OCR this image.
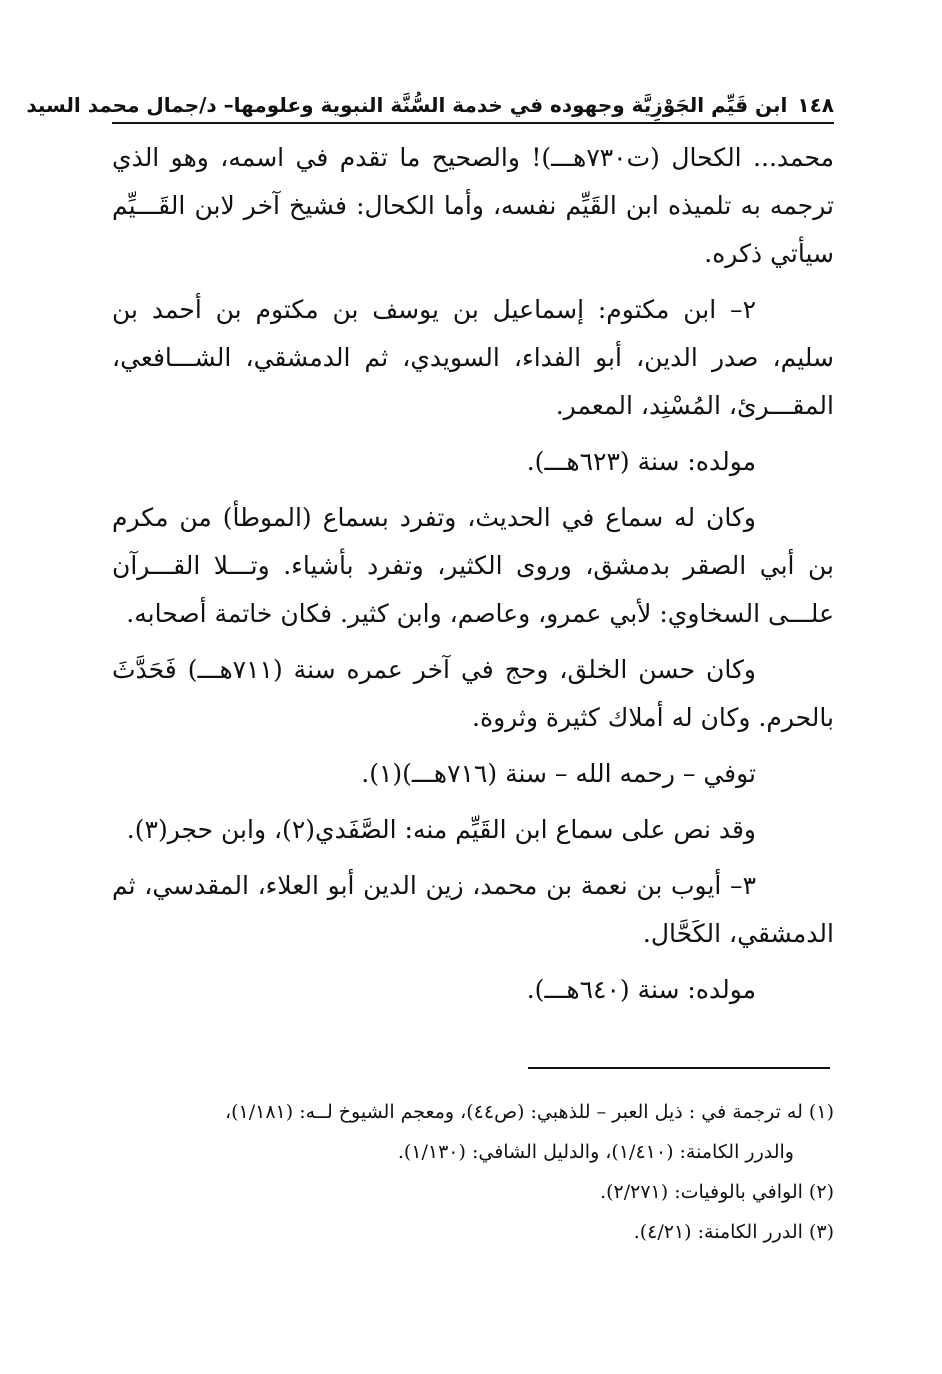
١٤٨
ابن قَيِّم الجَوْزِيَّة وجهوده في خدمة السُّنَّة النبوية وعلومها– د/جمال محمد السيد

محمد... الكحال (ت٧٣٠هـــ)! والصحيح ما تقدم في اسمه، وهو الذي ترجمه به تلميذه ابن القَيِّم نفسه، وأما الكحال: فشيخ آخر لابن القَـــيِّم سيأتي ذكره.

٢– ابن مكتوم: إسماعيل بن يوسف بن مكتوم بن أحمد بن سليم، صدر الدين، أبو الفداء، السويدي، ثم الدمشقي، الشـــافعي، المقـــرئ، المُسْنِد، المعمر.

مولده: سنة (٦٢٣هـــ).

وكان له سماع في الحديث، وتفرد بسماع (الموطأ) من مكرم بن أبي الصقر بدمشق، وروى الكثير، وتفرد بأشياء. وتـــلا القـــرآن علـــى السخاوي: لأبي عمرو، وعاصم، وابن كثير. فكان خاتمة أصحابه.

وكان حسن الخلق، وحج في آخر عمره سنة (٧١١هـــ) فَحَدَّثَ بالحرم. وكان له أملاك كثيرة وثروة.

توفي – رحمه الله – سنة (٧١٦هـــ)(١).

وقد نص على سماع ابن القَيِّم منه: الصَّفَدي(٢)، وابن حجر(٣).

٣– أيوب بن نعمة بن محمد، زين الدين أبو العلاء، المقدسي، ثم الدمشقي، الكَحَّال.

مولده: سنة (٦٤٠هـــ).

(١) له ترجمة في : ذيل العبر – للذهبي: (ص٤٤)، ومعجم الشيوخ لــه: (١/١٨١)،

والدرر الكامنة: (١/٤١٠)، والدليل الشافي: (١/١٣٠).

(٢) الوافي بالوفيات: (٢/٢٧١).

(٣) الدرر الكامنة: (٤/٢١).
